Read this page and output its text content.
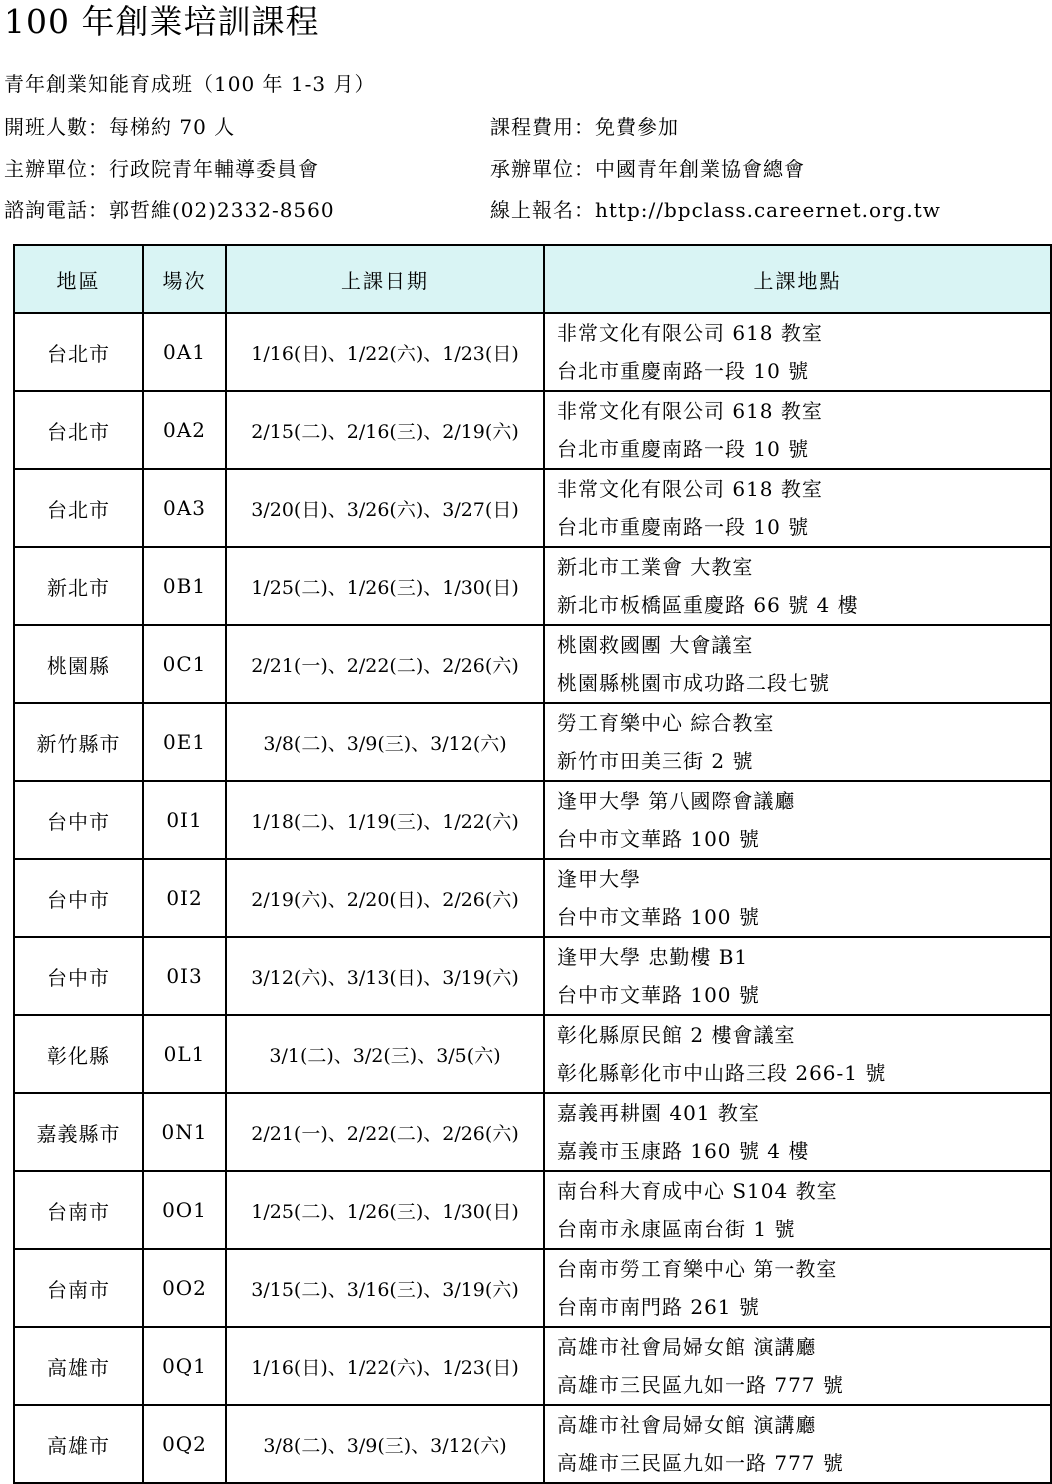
100 年創業培訓課程
青年創業知能育成班（100 年 1-3 月）
開班人數：每梯約 70 人	課程費用：免費參加
主辦單位：行政院青年輔導委員會	承辦單位：中國青年創業協會總會
諮詢電話：郭哲維(02)2332-8560	線上報名：http://bpclass.careernet.org.tw
地區	場次	上課日期	上課地點
台北市	0A1	1/16(日)、1/22(六)、1/23(日)	非常文化有限公司 618 教室
台北市重慶南路一段 10 號

台北市	0A2	2/15(二)、2/16(三)、2/19(六)	非常文化有限公司 618 教室
台北市重慶南路一段 10 號

台北市	0A3	3/20(日)、3/26(六)、3/27(日)	非常文化有限公司 618 教室
台北市重慶南路一段 10 號

新北市	0B1	1/25(二)、1/26(三)、1/30(日)	新北市工業會 大教室
新北市板橋區重慶路 66 號 4 樓

桃園縣	0C1	2/21(一)、2/22(二)、2/26(六)	桃園救國團 大會議室
桃園縣桃園市成功路二段七號

新竹縣市	0E1	3/8(二)、3/9(三)、3/12(六)	勞工育樂中心 綜合教室
新竹市田美三街 2 號

台中市	0I1	1/18(二)、1/19(三)、1/22(六)	逢甲大學 第八國際會議廳
台中市文華路 100 號

台中市	0I2	2/19(六)、2/20(日)、2/26(六)	逢甲大學
台中市文華路 100 號

台中市	0I3	3/12(六)、3/13(日)、3/19(六)	逢甲大學 忠勤樓 B1
台中市文華路 100 號

彰化縣	0L1	3/1(二)、3/2(三)、3/5(六)	彰化縣原民館 2 樓會議室
彰化縣彰化市中山路三段 266-1 號

嘉義縣市	0N1	2/21(一)、2/22(二)、2/26(六)	嘉義再耕園 401 教室
嘉義市玉康路 160 號 4 樓

台南市	0O1	1/25(二)、1/26(三)、1/30(日)	南台科大育成中心 S104 教室
台南市永康區南台街 1 號

台南市	0O2	3/15(二)、3/16(三)、3/19(六)	台南市勞工育樂中心 第一教室
台南市南門路 261 號

高雄市	0Q1	1/16(日)、1/22(六)、1/23(日)	高雄市社會局婦女館 演講廳
高雄市三民區九如一路 777 號

高雄市	0Q2	3/8(二)、3/9(三)、3/12(六)	高雄市社會局婦女館 演講廳
高雄市三民區九如一路 777 號
